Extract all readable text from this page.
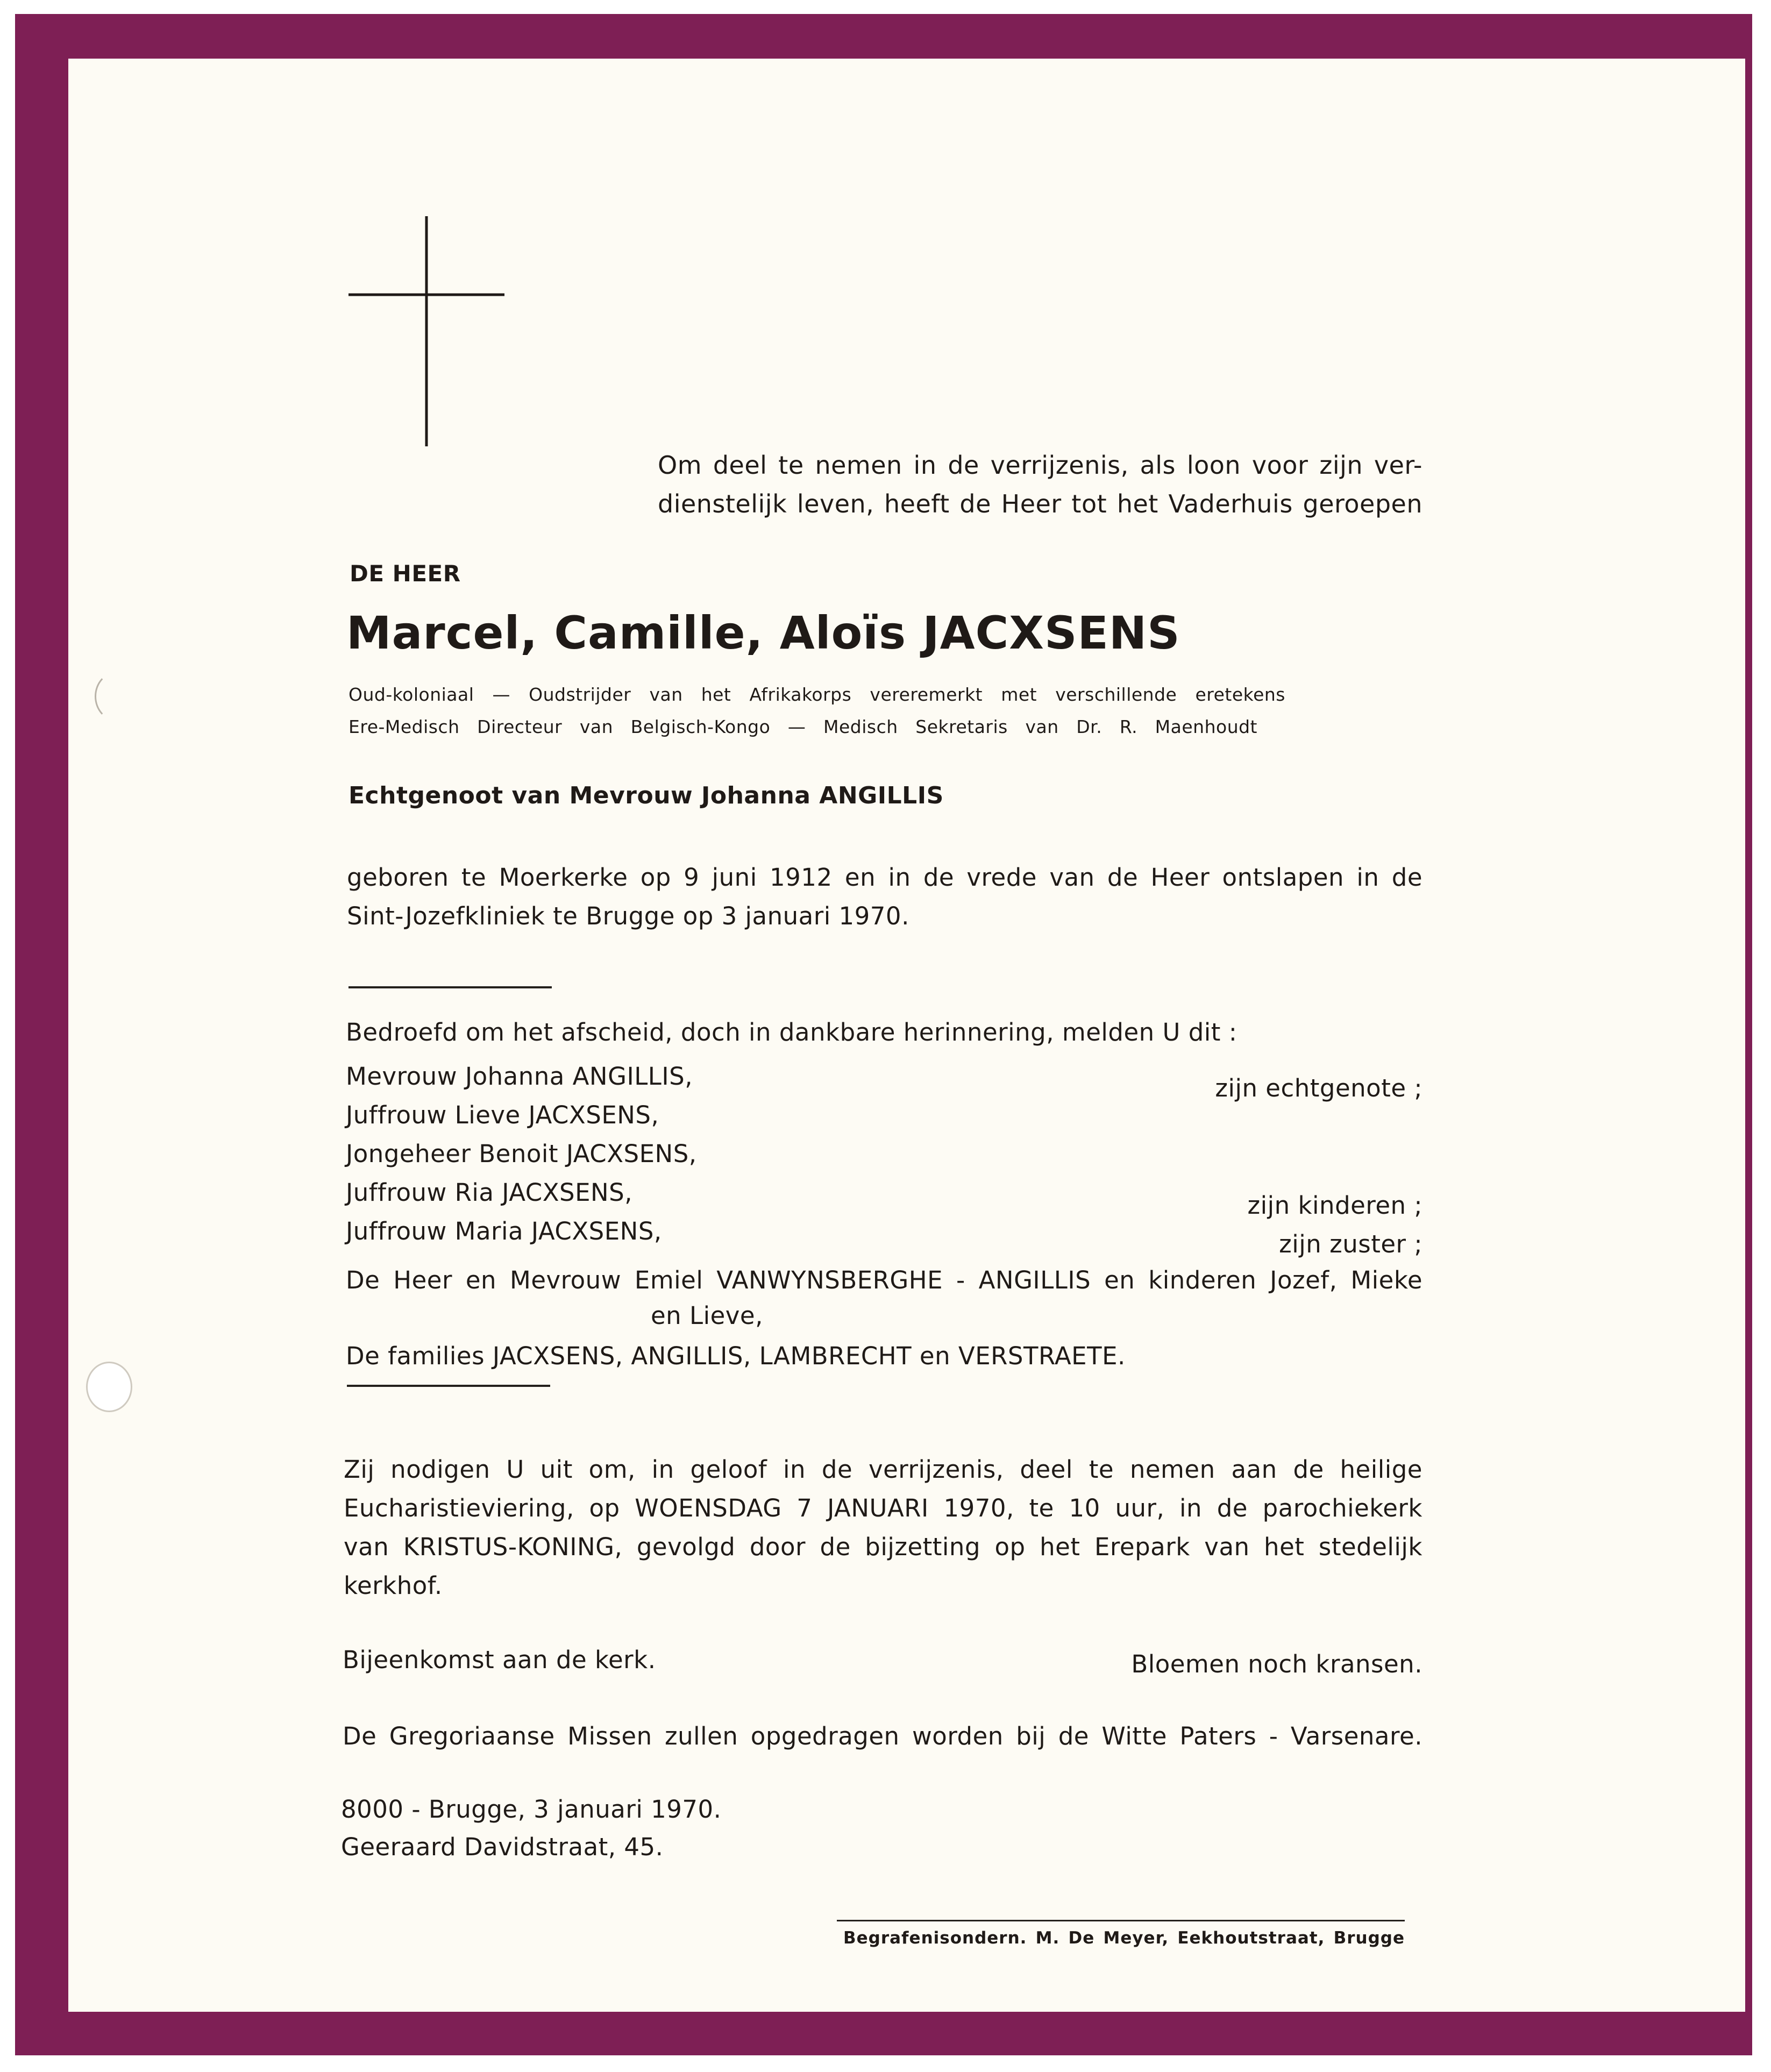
Om deel te nemen in de verrijzenis, als loon voor zijn ver-
dienstelijk leven, heeft de Heer tot het Vaderhuis geroepen
DE HEER
Marcel, Camille, Aloïs JACXSENS
Oud-koloniaal — Oudstrijder van het Afrikakorps vereremerkt met verschillende eretekens
Ere-Medisch Directeur van Belgisch-Kongo — Medisch Sekretaris van Dr. R. Maenhoudt
Echtgenoot van Mevrouw Johanna ANGILLIS
geboren te Moerkerke op 9 juni 1912 en in de vrede van de Heer ontslapen in de
Sint-Jozefkliniek te Brugge op 3 januari 1970.
Bedroefd om het afscheid, doch in dankbare herinnering, melden U dit :
Mevrouw Johanna ANGILLIS,	zijn echtgenote ;
Juffrouw Lieve JACXSENS,
Jongeheer Benoit JACXSENS,
Juffrouw Ria JACXSENS,	zijn kinderen ;
Juffrouw Maria JACXSENS,	zijn zuster ;
De Heer en Mevrouw Emiel VANWYNSBERGHE - ANGILLIS en kinderen Jozef, Mieke
en Lieve,
De families JACXSENS, ANGILLIS, LAMBRECHT en VERSTRAETE.
Zij nodigen U uit om, in geloof in de verrijzenis, deel te nemen aan de heilige
Eucharistieviering, op WOENSDAG 7 JANUARI 1970, te 10 uur, in de parochiekerk
van KRISTUS-KONING, gevolgd door de bijzetting op het Erepark van het stedelijk
kerkhof.
Bijeenkomst aan de kerk.	Bloemen noch kransen.
De Gregoriaanse Missen zullen opgedragen worden bij de Witte Paters - Varsenare.
8000 - Brugge, 3 januari 1970.
Geeraard Davidstraat, 45.
Begrafenisondern. M. De Meyer, Eekhoutstraat, Brugge
